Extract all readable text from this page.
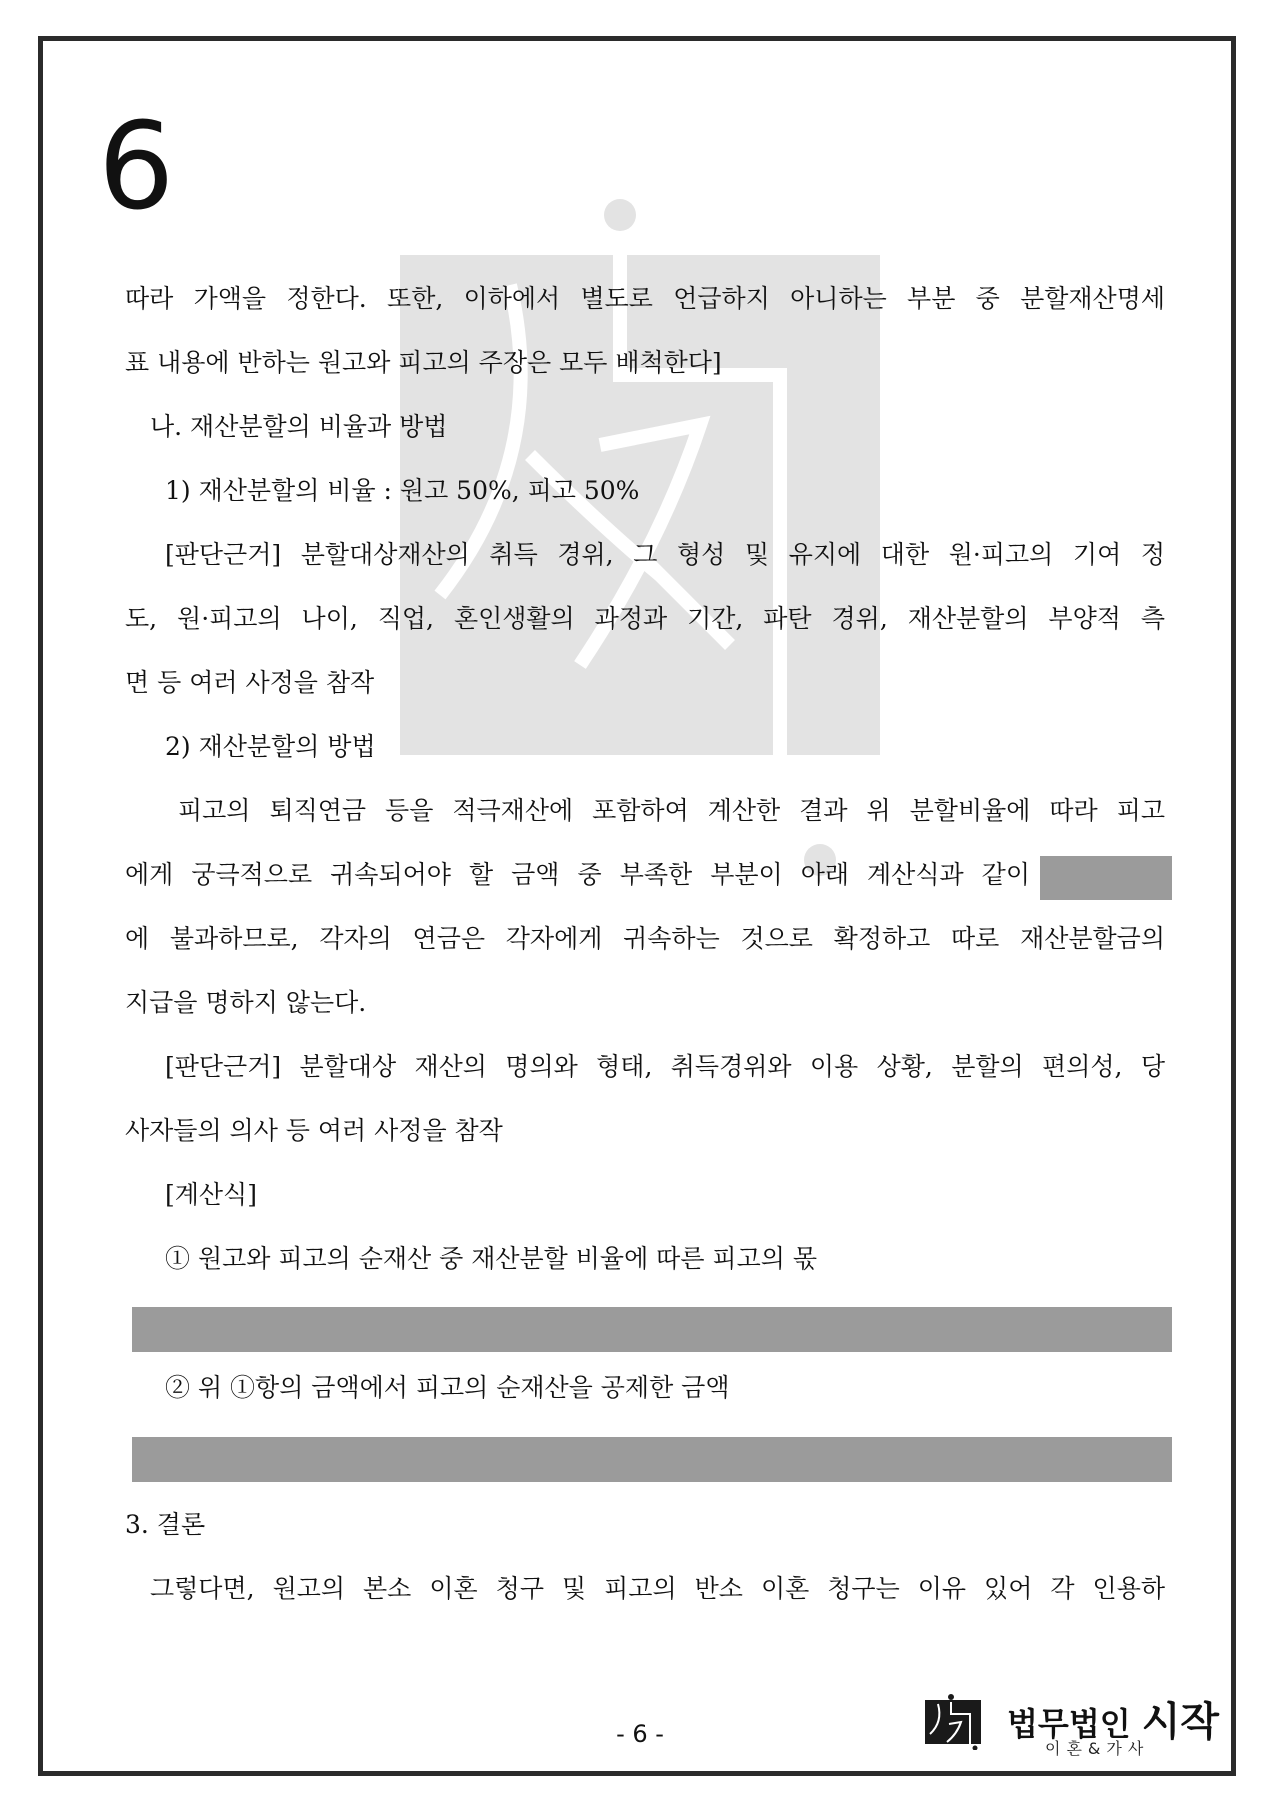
6
따라 가액을 정한다. 또한, 이하에서 별도로 언급하지 아니하는 부분 중 분할재산명세
표 내용에 반하는 원고와 피고의 주장은 모두 배척한다]
나. 재산분할의 비율과 방법
1) 재산분할의 비율 : 원고 50%, 피고 50%
[판단근거] 분할대상재산의 취득 경위, 그 형성 및 유지에 대한 원·피고의 기여 정
도, 원·피고의 나이, 직업, 혼인생활의 과정과 기간, 파탄 경위, 재산분할의 부양적 측
면 등 여러 사정을 참작
2) 재산분할의 방법
피고의 퇴직연금 등을 적극재산에 포함하여 계산한 결과 위 분할비율에 따라 피고
에게 궁극적으로 귀속되어야 할 금액 중 부족한 부분이 아래 계산식과 같이
에 불과하므로, 각자의 연금은 각자에게 귀속하는 것으로 확정하고 따로 재산분할금의
지급을 명하지 않는다.
[판단근거] 분할대상 재산의 명의와 형태, 취득경위와 이용 상황, 분할의 편의성, 당
사자들의 의사 등 여러 사정을 참작
[계산식]
① 원고와 피고의 순재산 중 재산분할 비율에 따른 피고의 몫
② 위 ①항의 금액에서 피고의 순재산을 공제한 금액
3. 결론
그렇다면, 원고의 본소 이혼 청구 및 피고의 반소 이혼 청구는 이유 있어 각 인용하
- 6 -	법무법인 시작
이혼&가사
